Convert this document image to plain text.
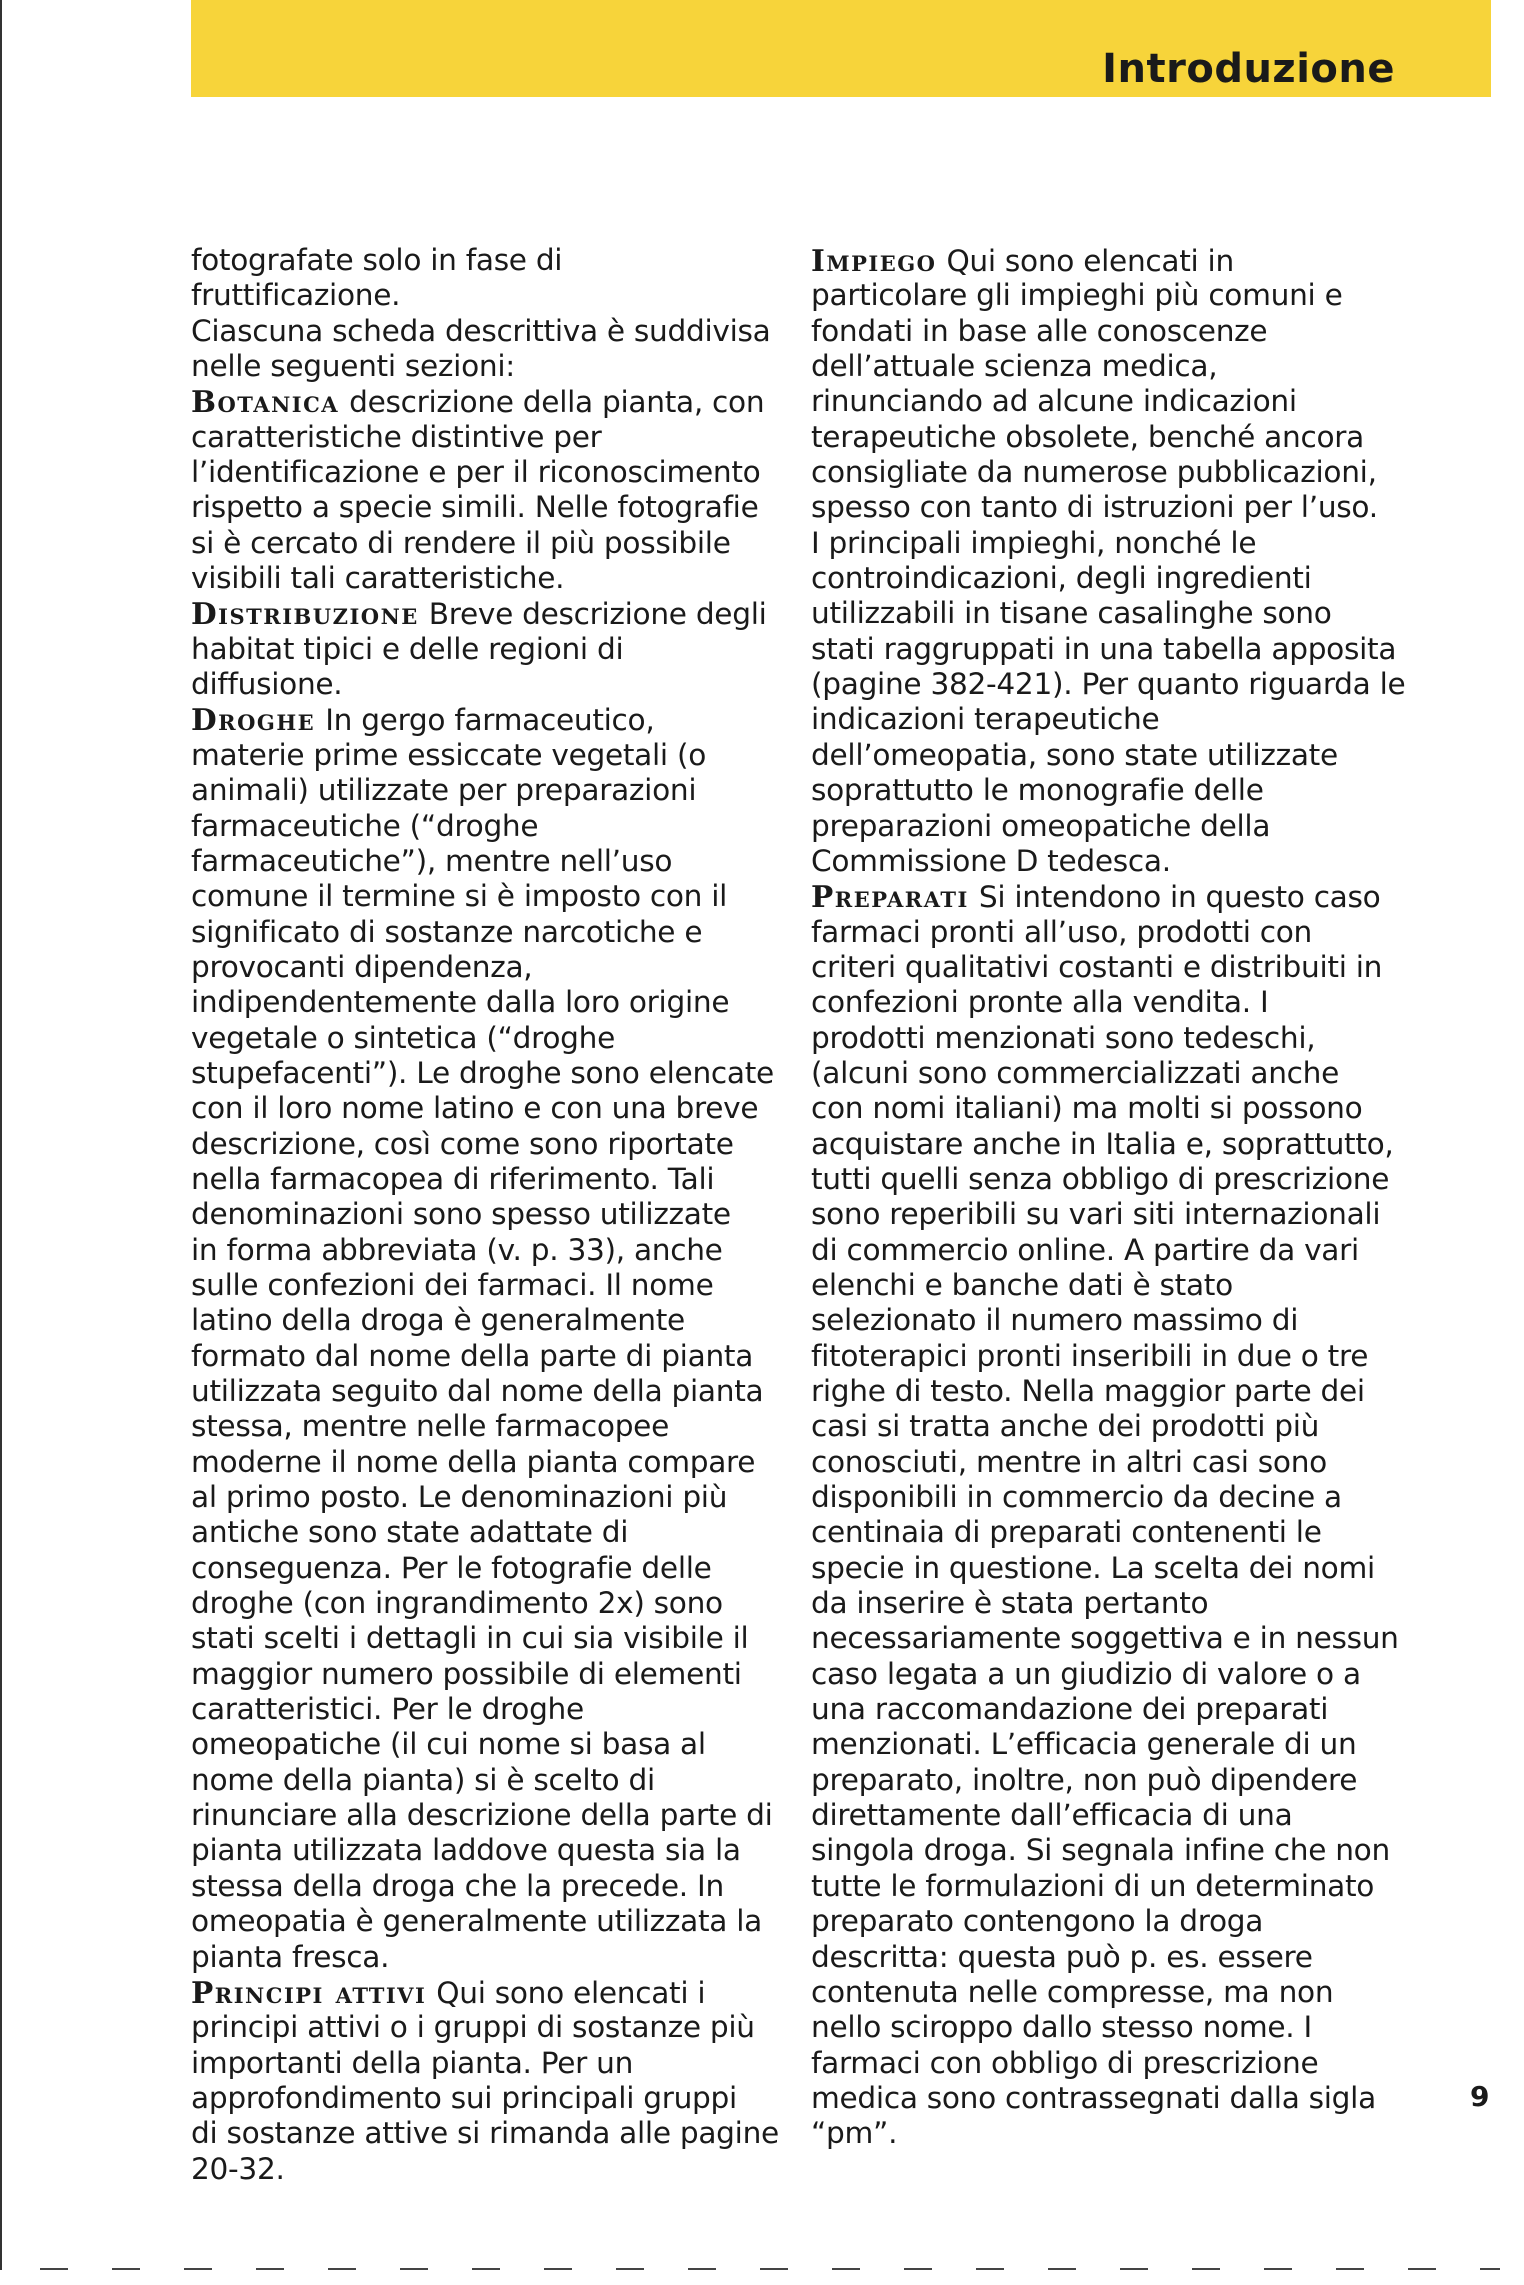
Introduzione
fotografate solo in fase di
fruttificazione.
Ciascuna scheda descrittiva è suddivisa
nelle seguenti sezioni:
Botanica descrizione della pianta, con
caratteristiche distintive per
l’identificazione e per il riconoscimento
rispetto a specie simili. Nelle fotografie
si è cercato di rendere il più possibile
visibili tali caratteristiche.
Distribuzione Breve descrizione degli
habitat tipici e delle regioni di
diffusione.
Droghe In gergo farmaceutico,
materie prime essiccate vegetali (o
animali) utilizzate per preparazioni
farmaceutiche (“droghe
farmaceutiche”), mentre nell’uso
comune il termine si è imposto con il
significato di sostanze narcotiche e
provocanti dipendenza,
indipendentemente dalla loro origine
vegetale o sintetica (“droghe
stupefacenti”). Le droghe sono elencate
con il loro nome latino e con una breve
descrizione, così come sono riportate
nella farmacopea di riferimento. Tali
denominazioni sono spesso utilizzate
in forma abbreviata (v. p. 33), anche
sulle confezioni dei farmaci. Il nome
latino della droga è generalmente
formato dal nome della parte di pianta
utilizzata seguito dal nome della pianta
stessa, mentre nelle farmacopee
moderne il nome della pianta compare
al primo posto. Le denominazioni più
antiche sono state adattate di
conseguenza. Per le fotografie delle
droghe (con ingrandimento 2x) sono
stati scelti i dettagli in cui sia visibile il
maggior numero possibile di elementi
caratteristici. Per le droghe
omeopatiche (il cui nome si basa al
nome della pianta) si è scelto di
rinunciare alla descrizione della parte di
pianta utilizzata laddove questa sia la
stessa della droga che la precede. In
omeopatia è generalmente utilizzata la
pianta fresca.
Principi attivi Qui sono elencati i
principi attivi o i gruppi di sostanze più
importanti della pianta. Per un
approfondimento sui principali gruppi
di sostanze attive si rimanda alle pagine
20-32.
Impiego Qui sono elencati in
particolare gli impieghi più comuni e
fondati in base alle conoscenze
dell’attuale scienza medica,
rinunciando ad alcune indicazioni
terapeutiche obsolete, benché ancora
consigliate da numerose pubblicazioni,
spesso con tanto di istruzioni per l’uso.
I principali impieghi, nonché le
controindicazioni, degli ingredienti
utilizzabili in tisane casalinghe sono
stati raggruppati in una tabella apposita
(pagine 382-421). Per quanto riguarda le
indicazioni terapeutiche
dell’omeopatia, sono state utilizzate
soprattutto le monografie delle
preparazioni omeopatiche della
Commissione D tedesca.
Preparati Si intendono in questo caso
farmaci pronti all’uso, prodotti con
criteri qualitativi costanti e distribuiti in
confezioni pronte alla vendita. I
prodotti menzionati sono tedeschi,
(alcuni sono commercializzati anche
con nomi italiani) ma molti si possono
acquistare anche in Italia e, soprattutto,
tutti quelli senza obbligo di prescrizione
sono reperibili su vari siti internazionali
di commercio online. A partire da vari
elenchi e banche dati è stato
selezionato il numero massimo di
fitoterapici pronti inseribili in due o tre
righe di testo. Nella maggior parte dei
casi si tratta anche dei prodotti più
conosciuti, mentre in altri casi sono
disponibili in commercio da decine a
centinaia di preparati contenenti le
specie in questione. La scelta dei nomi
da inserire è stata pertanto
necessariamente soggettiva e in nessun
caso legata a un giudizio di valore o a
una raccomandazione dei preparati
menzionati. L’efficacia generale di un
preparato, inoltre, non può dipendere
direttamente dall’efficacia di una
singola droga. Si segnala infine che non
tutte le formulazioni di un determinato
preparato contengono la droga
descritta: questa può p. es. essere
contenuta nelle compresse, ma non
nello sciroppo dallo stesso nome. I
farmaci con obbligo di prescrizione
medica sono contrassegnati dalla sigla
“pm”.
9
